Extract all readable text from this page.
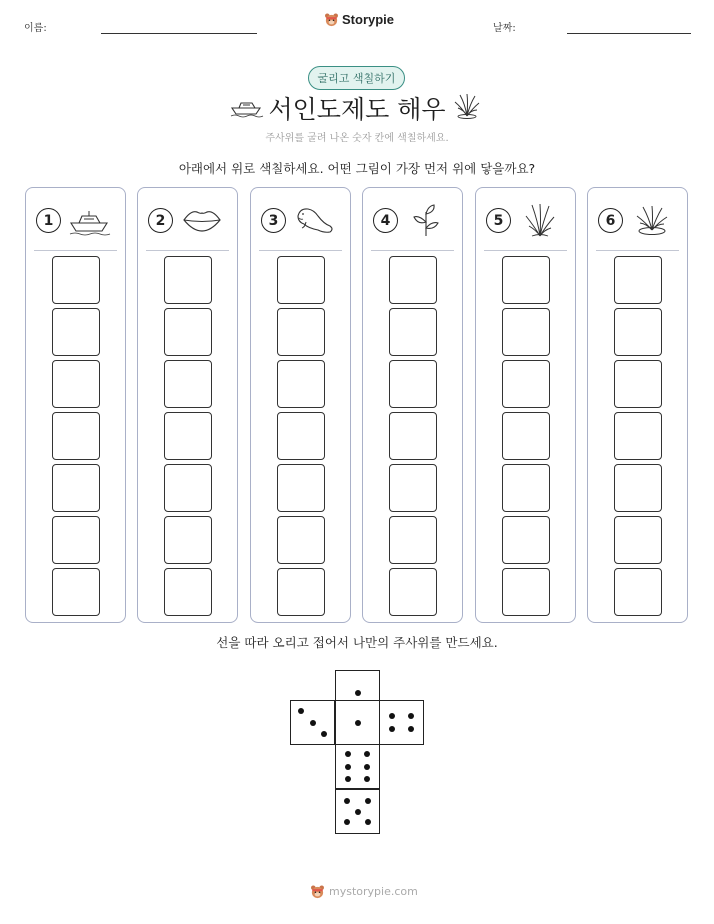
이름:
Storypie
날짜:
굴리고 색칠하기
서인도제도 해우
주사위를 굴려 나온 숫자 칸에 색칠하세요.
아래에서 위로 색칠하세요. 어떤 그림이 가장 먼저 위에 닿을까요?
1	2	3	4	5	6
선을 따라 오리고 접어서 나만의 주사위를 만드세요.
mystorypie.com
